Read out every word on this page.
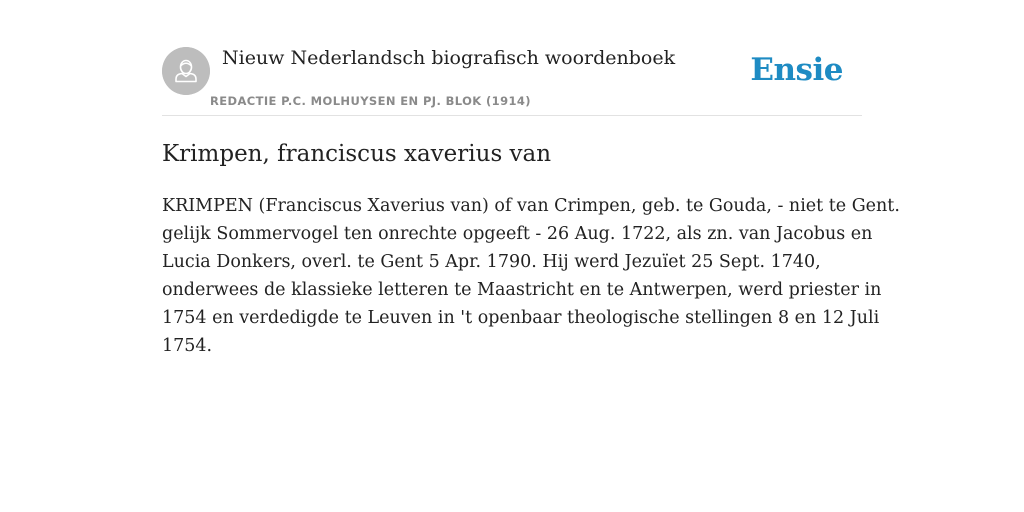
Nieuw Nederlandsch biografisch woordenboek
REDACTIE P.C. MOLHUYSEN EN PJ. BLOK (1914)
Ensie
Krimpen, franciscus xaverius van

KRIMPEN (Franciscus Xaverius van) of van Crimpen, geb. te Gouda, - niet te Gent.
gelijk Sommervogel ten onrechte opgeeft - 26 Aug. 1722, als zn. van Jacobus en
Lucia Donkers, overl. te Gent 5 Apr. 1790. Hij werd Jezuïet 25 Sept. 1740,
onderwees de klassieke letteren te Maastricht en te Antwerpen, werd priester in
1754 en verdedigde te Leuven in 't openbaar theologische stellingen 8 en 12 Juli
1754.
